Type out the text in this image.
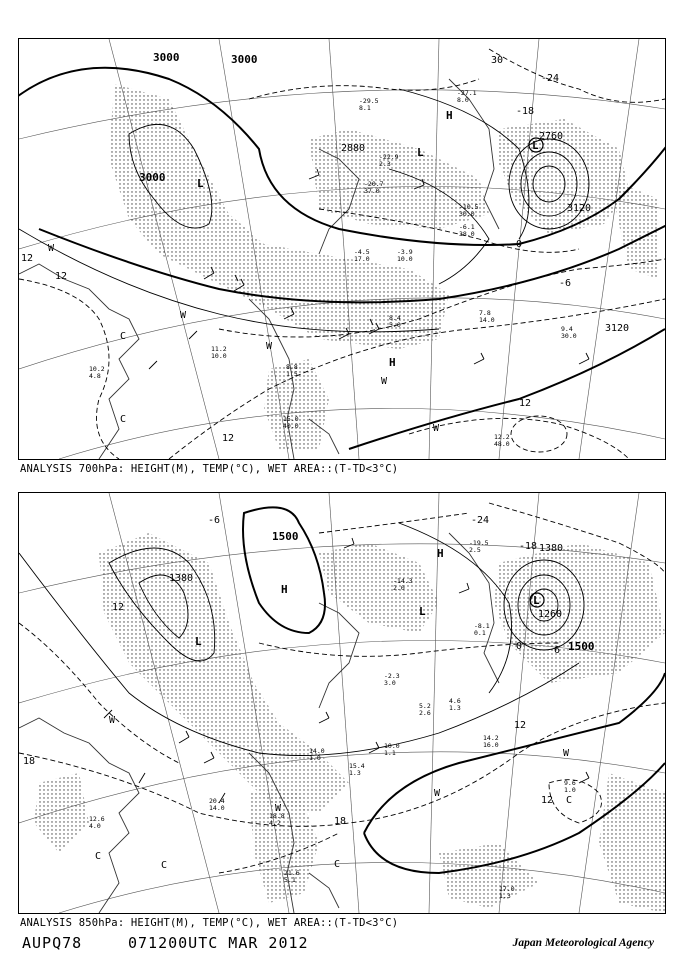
3000	3000
3000
2880
2760
3120
3120
12
12
12
12
0
-6
-24
30
-18
L
L
L
H
H
W
W
W
W
W
C
C
-10.5
30.0
9.4
30.0
7.8
14.0
8.4
5.0
12.2
48.0
15.0
40.0
8.8
1.5
11.2
10.0
10.2
4.8
-4.5
17.0
-3.9
10.0
-6.1
38.0
-20.7
37.0
-22.9
2.3
-27.1
8.0
-29.5
8.1
ANALYSIS 700hPa: HEIGHT(M), TEMP(°C), WET AREA::(T-TD<3°C)
1500
1500
1380
1380
1260
12
12
12
18
18
0
-6	-24
-18
6
L
L
L
H
H
W
W
W
W
C
C	C
C
14.2
16.0
9.6
1.0
17.0
1.3
20.4
14.0
12.6
4.0
18.8
4.2
21.6
5.1
14.0
1.0
15.4
1.3
10.0
1.1
4.6
1.3
5.2
2.6
-2.3
3.0
-8.1
0.1
-14.3
2.0
-19.5
2.5
ANALYSIS 850hPa: HEIGHT(M), TEMP(°C), WET AREA::(T-TD<3°C)
AUPQ78	071200UTC MAR 2012	Japan Meteorological Agency
